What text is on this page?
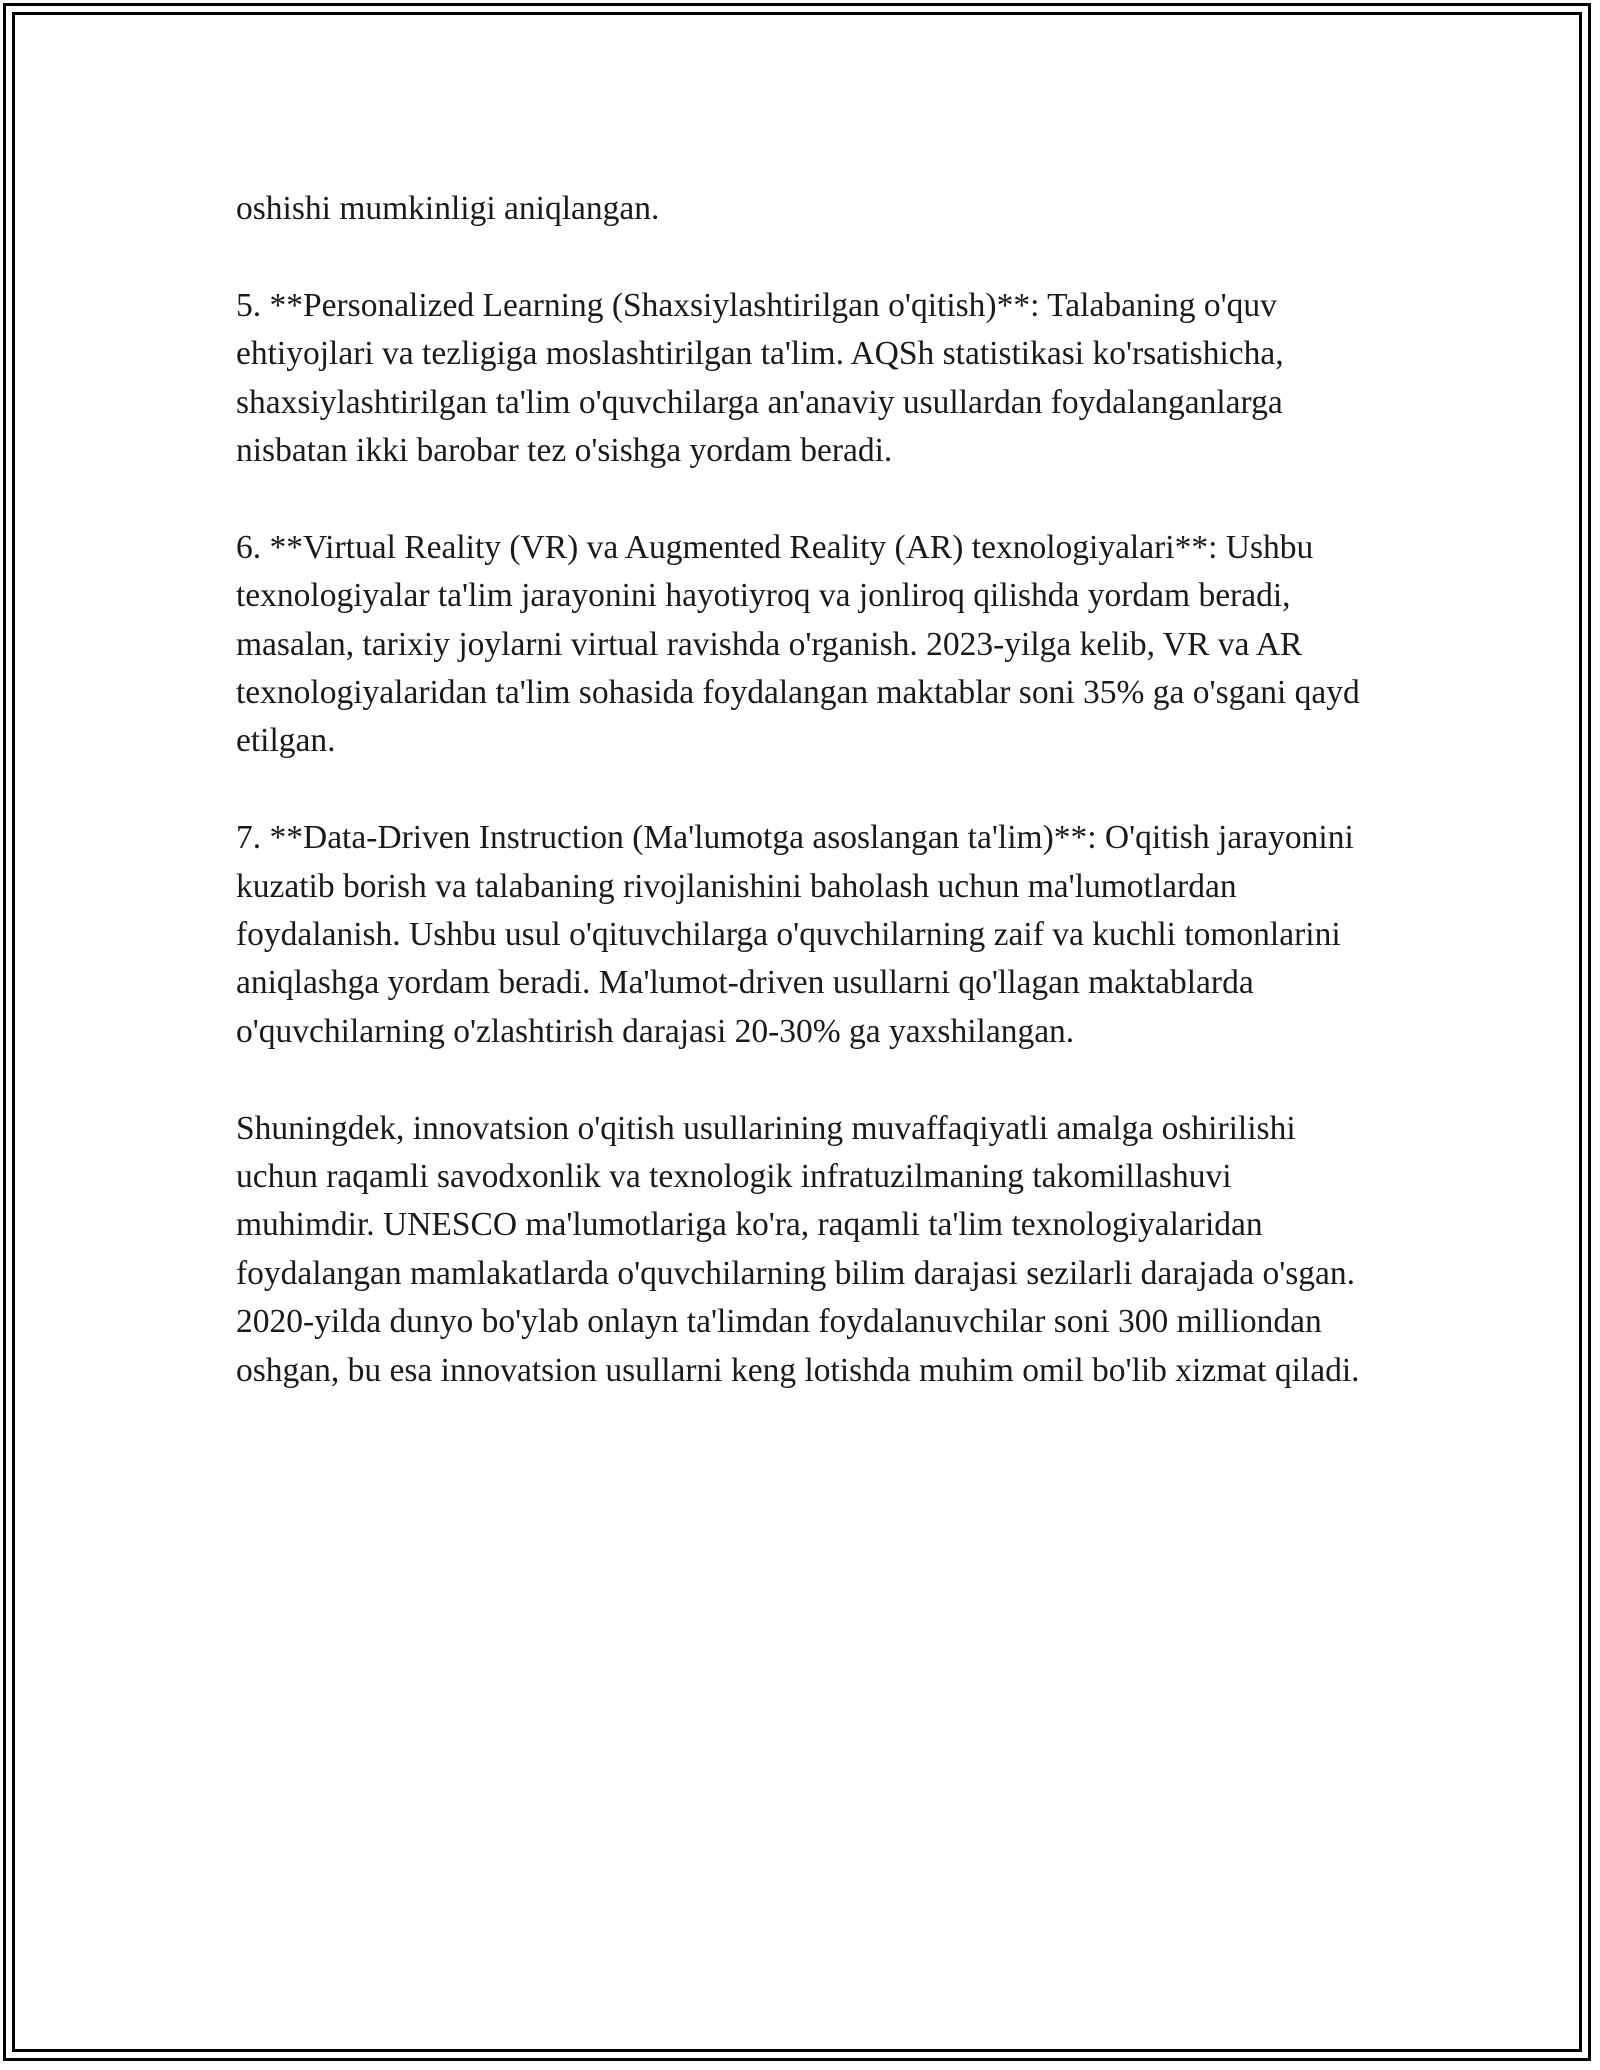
oshishi mumkinligi aniqlangan.

5. **Personalized Learning (Shaxsiylashtirilgan o'qitish)**: Talabaning o'quv ehtiyojlari va tezligiga moslashtirilgan ta'lim. AQSh statistikasi ko'rsatishicha, shaxsiylashtirilgan ta'lim o'quvchilarga an'anaviy usullardan foydalanganlarga nisbatan ikki barobar tez o'sishga yordam beradi.

6. **Virtual Reality (VR) va Augmented Reality (AR) texnologiyalari**: Ushbu texnologiyalar ta'lim jarayonini hayotiyroq va jonliroq qilishda yordam beradi, masalan, tarixiy joylarni virtual ravishda o'rganish. 2023-yilga kelib, VR va AR texnologiyalaridan ta'lim sohasida foydalangan maktablar soni 35% ga o'sgani qayd etilgan.

7. **Data-Driven Instruction (Ma'lumotga asoslangan ta'lim)**: O'qitish jarayonini kuzatib borish va talabaning rivojlanishini baholash uchun ma'lumotlardan foydalanish. Ushbu usul o'qituvchilarga o'quvchilarning zaif va kuchli tomonlarini aniqlashga yordam beradi. Ma'lumot-driven usullarni qo'llagan maktablarda o'quvchilarning o'zlashtirish darajasi 20-30% ga yaxshilangan.

Shuningdek, innovatsion o'qitish usullarining muvaffaqiyatli amalga oshirilishi uchun raqamli savodxonlik va texnologik infratuzilmaning takomillashuvi muhimdir. UNESCO ma'lumotlariga ko'ra, raqamli ta'lim texnologiyalaridan foydalangan mamlakatlarda o'quvchilarning bilim darajasi sezilarli darajada o'sgan. 2020-yilda dunyo bo'ylab onlayn ta'limdan foydalanuvchilar soni 300 milliondan oshgan, bu esa innovatsion usullarni keng lotishda muhim omil bo'lib xizmat qiladi.
